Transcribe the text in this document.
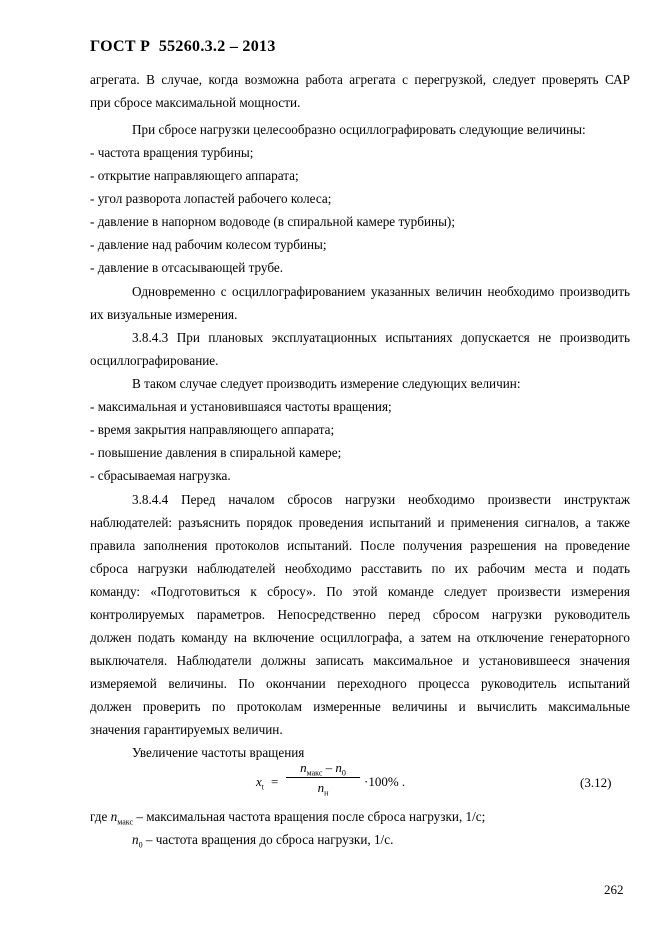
ГОСТ Р  55260.3.2 – 2013
агрегата. В случае, когда возможна работа агрегата с перегрузкой, следует проверять САР
при сбросе максимальной мощности.
При сбросе нагрузки целесообразно осциллографировать следующие величины:
- частота вращения турбины;
- открытие направляющего аппарата;
- угол разворота лопастей рабочего колеса;
- давление в напорном водоводе (в спиральной камере турбины);
- давление над рабочим колесом турбины;
- давление в отсасывающей трубе.
Одновременно с осциллографированием указанных величин необходимо производить
их визуальные измерения.
3.8.4.3 При плановых эксплуатационных испытаниях допускается не производить
осциллографирование.
В таком случае следует производить измерение следующих величин:
- максимальная и установившаяся частоты вращения;
- время закрытия направляющего аппарата;
- повышение давления в спиральной камере;
- сбрасываемая нагрузка.
3.8.4.4 Перед началом сбросов нагрузки необходимо произвести инструктаж
наблюдателей: разъяснить порядок проведения испытаний и применения сигналов, а также
правила заполнения протоколов испытаний. После получения разрешения на проведение
сброса нагрузки наблюдателей необходимо расставить по их рабочим места и подать
команду: «Подготовиться к сбросу». По этой команде следует произвести измерения
контролируемых параметров. Непосредственно перед сбросом нагрузки руководитель
должен подать команду на включение осциллографа, а затем на отключение генераторного
выключателя. Наблюдатели должны записать максимальное и установившееся значения
измеряемой величины. По окончании переходного процесса руководитель испытаний
должен проверить по протоколам измеренные величины и вычислить максимальные
значения гарантируемых величин.
Увеличение частоты вращения
$x_t$ =
$n_{макс} - n_0$
$n_н$
·100% .	(3.12)
где $n_{макс}$ – максимальная частота вращения после сброса нагрузки, 1/с;
$n_0$ – частота вращения до сброса нагрузки, 1/с.
262
